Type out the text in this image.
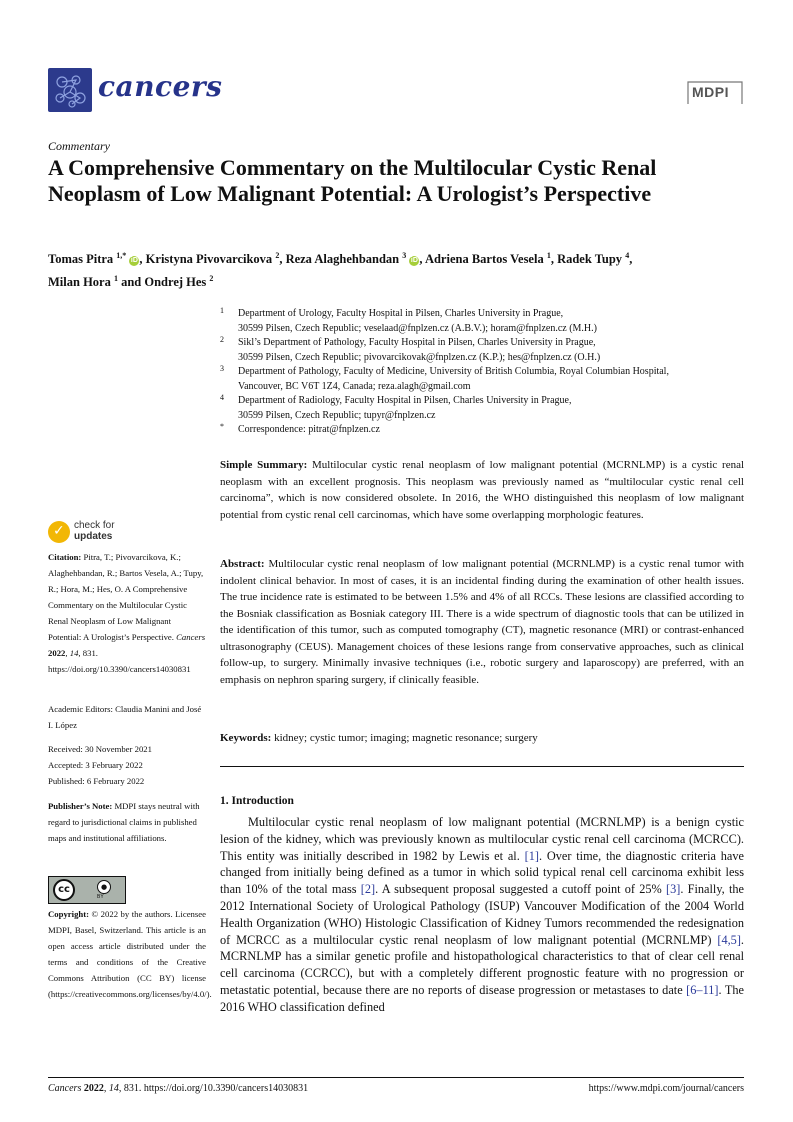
cancers	MDPI
Commentary
A Comprehensive Commentary on the Multilocular Cystic Renal Neoplasm of Low Malignant Potential: A Urologist’s Perspective
Tomas Pitra $^{1,*}$ iD , Kristyna Pivovarcikova $^2$, Reza Alaghehbandan $^3$ iD , Adriena Bartos Vesela $^1$, Radek Tupy $^4$,
Milan Hora $^1$ and Ondrej Hes $^2$
1 Department of Urology, Faculty Hospital in Pilsen, Charles University in Prague,
30599 Pilsen, Czech Republic; veselaad@fnplzen.cz (A.B.V.); horam@fnplzen.cz (M.H.)
2 Sikl’s Department of Pathology, Faculty Hospital in Pilsen, Charles University in Prague,
30599 Pilsen, Czech Republic; pivovarcikovak@fnplzen.cz (K.P.); hes@fnplzen.cz (O.H.)
3 Department of Pathology, Faculty of Medicine, University of British Columbia, Royal Columbian Hospital,
Vancouver, BC V6T 1Z4, Canada; reza.alagh@gmail.com
4 Department of Radiology, Faculty Hospital in Pilsen, Charles University in Prague,
30599 Pilsen, Czech Republic; tupyr@fnplzen.cz
* Correspondence: pitrat@fnplzen.cz
Simple Summary: Multilocular cystic renal neoplasm of low malignant potential (MCRNLMP) is a cystic renal neoplasm with an excellent prognosis. This neoplasm was previously named as “multilocular cystic renal cell carcinoma”, which is now considered obsolete. In 2016, the WHO distinguished this neoplasm of low malignant potential from cystic renal cell carcinomas, which have some overlapping morphologic features.
Abstract: Multilocular cystic renal neoplasm of low malignant potential (MCRNLMP) is a cystic renal tumor with indolent clinical behavior. In most of cases, it is an incidental finding during the examination of other health issues. The true incidence rate is estimated to be between 1.5% and 4% of all RCCs. These lesions are classified according to the Bosniak classification as Bosniak category III. There is a wide spectrum of diagnostic tools that can be utilized in the identification of this tumor, such as computed tomography (CT), magnetic resonance (MRI) or contrast-enhanced ultrasonography (CEUS). Management choices of these lesions range from conservative approaches, such as clinical follow-up, to surgery. Minimally invasive techniques (i.e., robotic surgery and laparoscopy) are preferred, with an emphasis on nephron sparing surgery, if clinically feasible.
Keywords: kidney; cystic tumor; imaging; magnetic resonance; surgery
1. Introduction
Multilocular cystic renal neoplasm of low malignant potential (MCRNLMP) is a benign cystic lesion of the kidney, which was previously known as multilocular cystic renal cell carcinoma (MCRCC). This entity was initially described in 1982 by Lewis et al. [1]. Over time, the diagnostic criteria have changed from initially being defined as a tumor in which solid typical renal cell carcinoma exhibit less than 10% of the total mass [2]. A subsequent proposal suggested a cutoff point of 25% [3]. Finally, the 2012 International Society of Urological Pathology (ISUP) Vancouver Modification of the 2004 World Health Organization (WHO) Histologic Classification of Kidney Tumors recommended the redesignation of MCRCC as a multilocular cystic renal neoplasm of low malignant potential (MCRNLMP) [4,5]. MCRNLMP has a similar genetic profile and histopathological characteristics to that of clear cell renal cell carcinoma (CCRCC), but with a completely different prognostic feature with no progression or metastatic potential, because there are no reports of disease progression or metastases to date [6–11]. The 2016 WHO classification defined
✓ check for
updates
Citation: Pitra, T.; Pivovarcikova, K.; Alaghehbandan, R.; Bartos Vesela, A.; Tupy, R.; Hora, M.; Hes, O. A Comprehensive Commentary on the Multilocular Cystic Renal Neoplasm of Low Malignant Potential: A Urologist’s Perspective. Cancers 2022, 14, 831. https://doi.org/10.3390/cancers14030831
Academic Editors: Claudia Manini and José I. López
Received: 30 November 2021
Accepted: 3 February 2022
Published: 6 February 2022
Publisher’s Note: MDPI stays neutral with regard to jurisdictional claims in published maps and institutional affiliations.
cc	●
BY
Copyright: © 2022 by the authors. Licensee MDPI, Basel, Switzerland. This article is an open access article distributed under the terms and conditions of the Creative Commons Attribution (CC BY) license (https://creativecommons.org/licenses/by/4.0/).
Cancers 2022, 14, 831. https://doi.org/10.3390/cancers14030831	https://www.mdpi.com/journal/cancers
